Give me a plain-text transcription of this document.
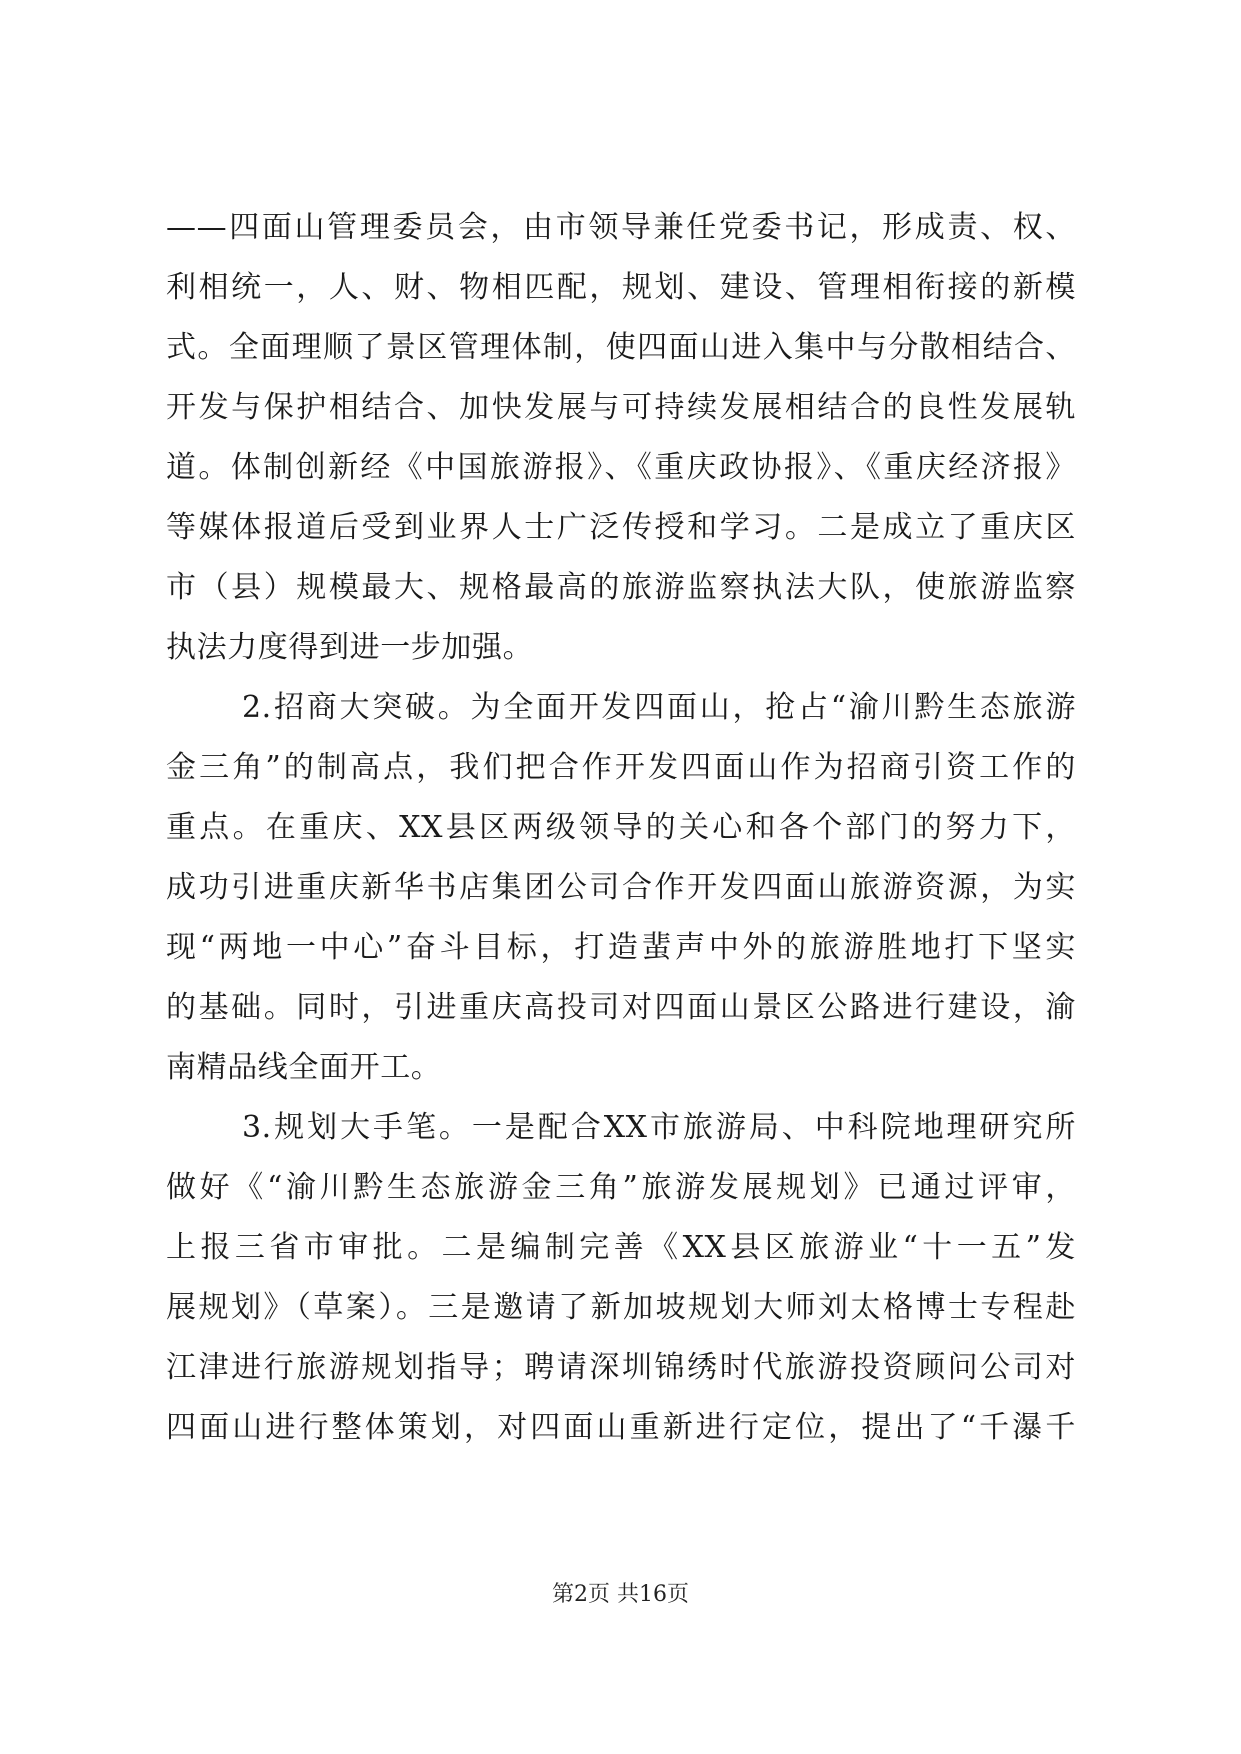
——四面山管理委员会，由市领导兼任党委书记，形成责、权、
利相统一，人、财、物相匹配，规划、建设、管理相衔接的新模
式。全面理顺了景区管理体制，使四面山进入集中与分散相结合、
开发与保护相结合、加快发展与可持续发展相结合的良性发展轨
道。体制创新经《中国旅游报》、《重庆政协报》、《重庆经济报》
等媒体报道后受到业界人士广泛传授和学习。二是成立了重庆区
市（县）规模最大、规格最高的旅游监察执法大队，使旅游监察
执法力度得到进一步加强。
2.招商大突破。为全面开发四面山，抢占“渝川黔生态旅游
金三角”的制高点，我们把合作开发四面山作为招商引资工作的
重点。在重庆、XX县区两级领导的关心和各个部门的努力下，
成功引进重庆新华书店集团公司合作开发四面山旅游资源，为实
现“两地一中心”奋斗目标，打造蜚声中外的旅游胜地打下坚实
的基础。同时，引进重庆高投司对四面山景区公路进行建设，渝
南精品线全面开工。
3.规划大手笔。一是配合XX市旅游局、中科院地理研究所
做好《“渝川黔生态旅游金三角”旅游发展规划》已通过评审，
上报三省市审批。二是编制完善《XX县区旅游业“十一五”发
展规划》（草案）。三是邀请了新加坡规划大师刘太格博士专程赴
江津进行旅游规划指导；聘请深圳锦绣时代旅游投资顾问公司对
四面山进行整体策划，对四面山重新进行定位，提出了“千瀑千
第2页 共16页
